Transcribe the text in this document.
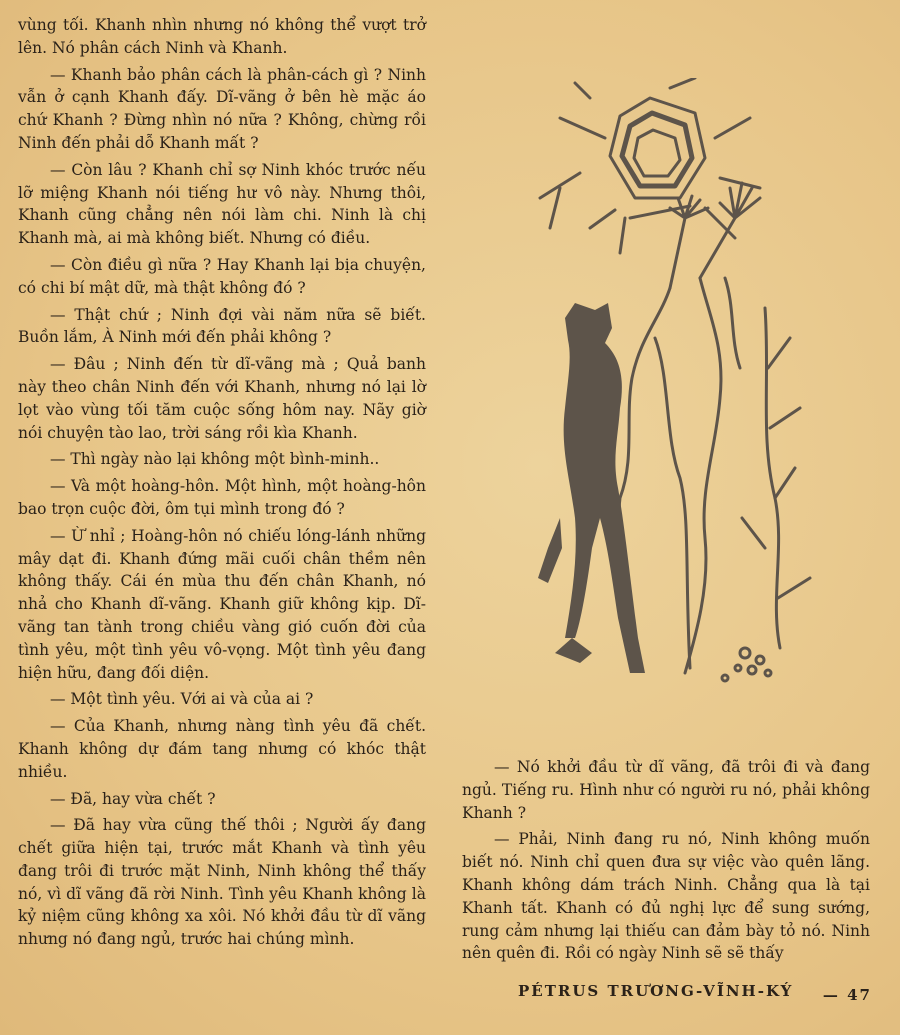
vùng tối. Khanh nhìn nhưng nó không thể vượt trở lên. Nó phân cách Ninh và Khanh.

— Khanh bảo phân cách là phân-cách gì ? Ninh vẫn ở cạnh Khanh đấy. Dĩ-vãng ở bên hè mặc áo chứ Khanh ? Đừng nhìn nó nữa ? Không, chừng rồi Ninh đến phải dỗ Khanh mất ?

— Còn lâu ? Khanh chỉ sợ Ninh khóc trước nếu lỡ miệng Khanh nói tiếng hư vô này. Nhưng thôi, Khanh cũng chẳng nên nói làm chi. Ninh là chị Khanh mà, ai mà không biết. Nhưng có điều.

— Còn điều gì nữa ? Hay Khanh lại bịa chuyện, có chi bí mật dữ, mà thật không đó ?

— Thật chứ ; Ninh đợi vài năm nữa sẽ biết. Buồn lắm, À Ninh mới đến phải không ?

— Đâu ; Ninh đến từ dĩ-vãng mà ; Quả banh này theo chân Ninh đến với Khanh, nhưng nó lại lờ lọt vào vùng tối tăm cuộc sống hôm nay. Nãy giờ nói chuyện tào lao, trời sáng rồi kìa Khanh.

— Thì ngày nào lại không một bình-minh..

— Và một hoàng-hôn. Một hình, một hoàng-hôn bao trọn cuộc đời, ôm tụi mình trong đó ?

— Ừ nhỉ ; Hoàng-hôn nó chiếu lóng-lánh những mây dạt đi. Khanh đứng mãi cuối chân thềm nên không thấy. Cái én mùa thu đến chân Khanh, nó nhả cho Khanh dĩ-vãng. Khanh giữ không kịp. Dĩ-vãng tan tành trong chiều vàng gió cuốn đời của tình yêu, một tình yêu vô-vọng. Một tình yêu đang hiện hữu, đang đối diện.

— Một tình yêu. Với ai và của ai ?

— Của Khanh, nhưng nàng tình yêu đã chết. Khanh không dự đám tang nhưng có khóc thật nhiều.

— Đã, hay vừa chết ?

— Đã hay vừa cũng thế thôi ; Người ấy đang chết giữa hiện tại, trước mắt Khanh và tình yêu đang trôi đi trước mặt Ninh, Ninh không thể thấy nó, vì dĩ vãng đã rời Ninh. Tình yêu Khanh không là kỷ niệm cũng không xa xôi. Nó khởi đầu từ dĩ vãng nhưng nó đang ngủ, trước hai chúng mình.

— Nó khởi đầu từ dĩ vãng, đã trôi đi và đang ngủ. Tiếng ru. Hình như có người ru nó, phải không Khanh ?

— Phải, Ninh đang ru nó, Ninh không muốn biết nó. Ninh chỉ quen đưa sự việc vào quên lãng. Khanh không dám trách Ninh. Chẳng qua là tại Khanh tất. Khanh có đủ nghị lực để sung sướng, rung cảm nhưng lại thiếu can đảm bày tỏ nó. Ninh nên quên đi. Rồi có ngày Ninh sẽ sẽ thấy

PÉTRUS TRƯƠNG-VĨNH-KÝ — 47
